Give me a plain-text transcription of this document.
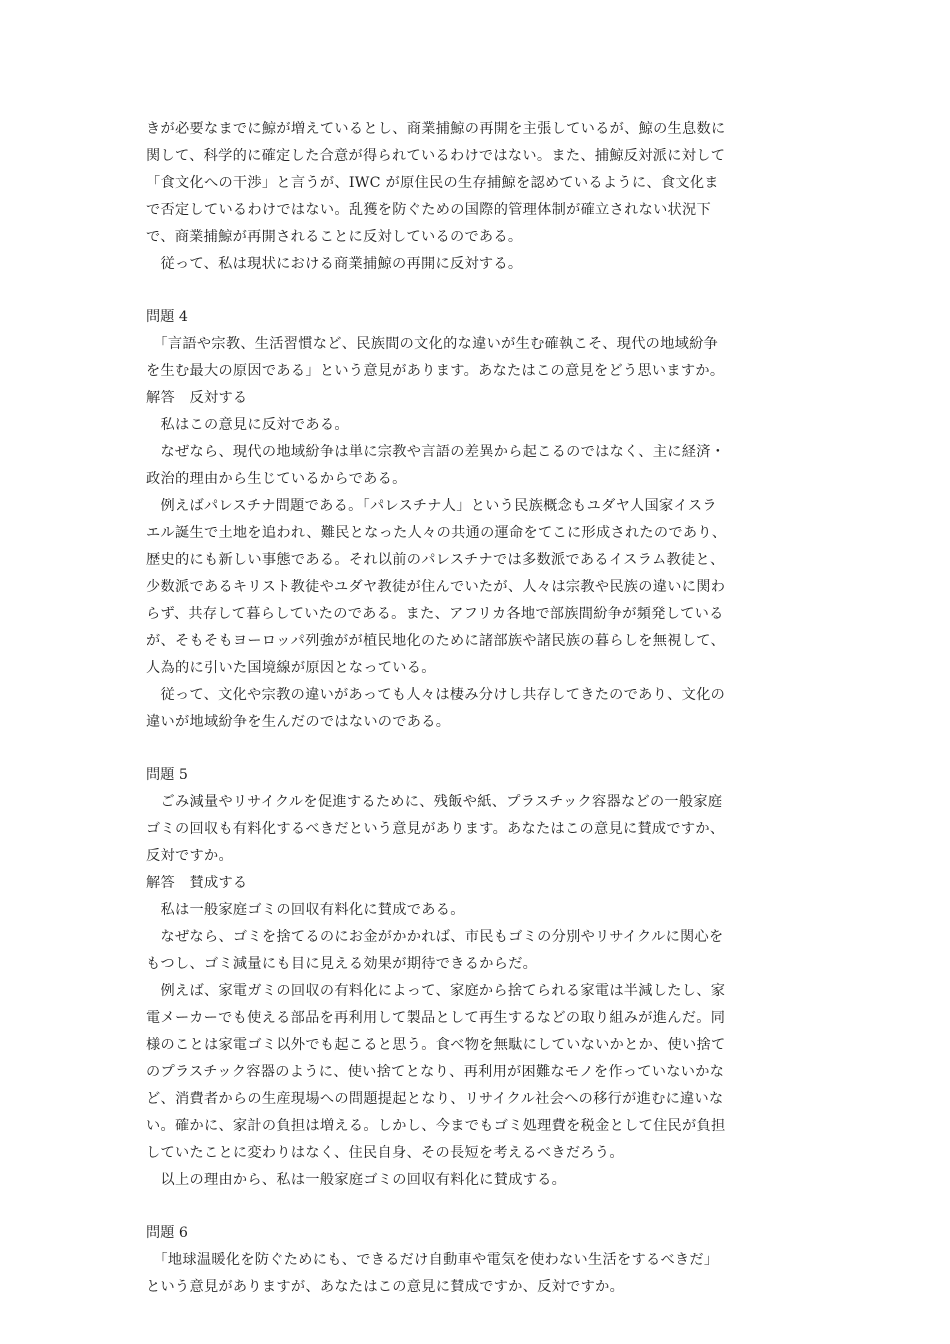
きが必要なまでに鯨が増えているとし、商業捕鯨の再開を主張しているが、鯨の生息数に
関して、科学的に確定した合意が得られているわけではない。また、捕鯨反対派に対して
「食文化への干渉」と言うが、IWC が原住民の生存捕鯨を認めているように、食文化ま
で否定しているわけではない。乱獲を防ぐための国際的管理体制が確立されない状況下
で、商業捕鯨が再開されることに反対しているのである。
　従って、私は現状における商業捕鯨の再開に反対する。
問題 4
　「言語や宗教、生活習慣など、民族間の文化的な違いが生む確執こそ、現代の地域紛争
を生む最大の原因である」という意見があります。あなたはこの意見をどう思いますか。
解答　反対する
　私はこの意見に反対である。
　なぜなら、現代の地域紛争は単に宗教や言語の差異から起こるのではなく、主に経済・
政治的理由から生じているからである。
　例えばパレスチナ問題である。「パレスチナ人」という民族概念もユダヤ人国家イスラ
エル誕生で土地を追われ、難民となった人々の共通の運命をてこに形成されたのであり、
歴史的にも新しい事態である。それ以前のパレスチナでは多数派であるイスラム教徒と、
少数派であるキリスト教徒やユダヤ教徒が住んでいたが、人々は宗教や民族の違いに関わ
らず、共存して暮らしていたのである。また、アフリカ各地で部族間紛争が頻発している
が、そもそもヨーロッパ列強がが植民地化のために諸部族や諸民族の暮らしを無視して、
人為的に引いた国境線が原因となっている。
　従って、文化や宗教の違いがあっても人々は棲み分けし共存してきたのであり、文化の
違いが地域紛争を生んだのではないのである。
問題 5
　ごみ減量やリサイクルを促進するために、残飯や紙、プラスチック容器などの一般家庭
ゴミの回収も有料化するべきだという意見があります。あなたはこの意見に賛成ですか、
反対ですか。
解答　賛成する
　私は一般家庭ゴミの回収有料化に賛成である。
　なぜなら、ゴミを捨てるのにお金がかかれば、市民もゴミの分別やリサイクルに関心を
もつし、ゴミ減量にも目に見える効果が期待できるからだ。
　例えば、家電ガミの回収の有料化によって、家庭から捨てられる家電は半減したし、家
電メーカーでも使える部品を再利用して製品として再生するなどの取り組みが進んだ。同
様のことは家電ゴミ以外でも起こると思う。食べ物を無駄にしていないかとか、使い捨て
のプラスチック容器のように、使い捨てとなり、再利用が困難なモノを作っていないかな
ど、消費者からの生産現場への問題提起となり、リサイクル社会への移行が進むに違いな
い。確かに、家計の負担は増える。しかし、今までもゴミ処理費を税金として住民が負担
していたことに変わりはなく、住民自身、その長短を考えるべきだろう。
　以上の理由から、私は一般家庭ゴミの回収有料化に賛成する。
問題 6
　「地球温暖化を防ぐためにも、できるだけ自動車や電気を使わない生活をするべきだ」
という意見がありますが、あなたはこの意見に賛成ですか、反対ですか。
